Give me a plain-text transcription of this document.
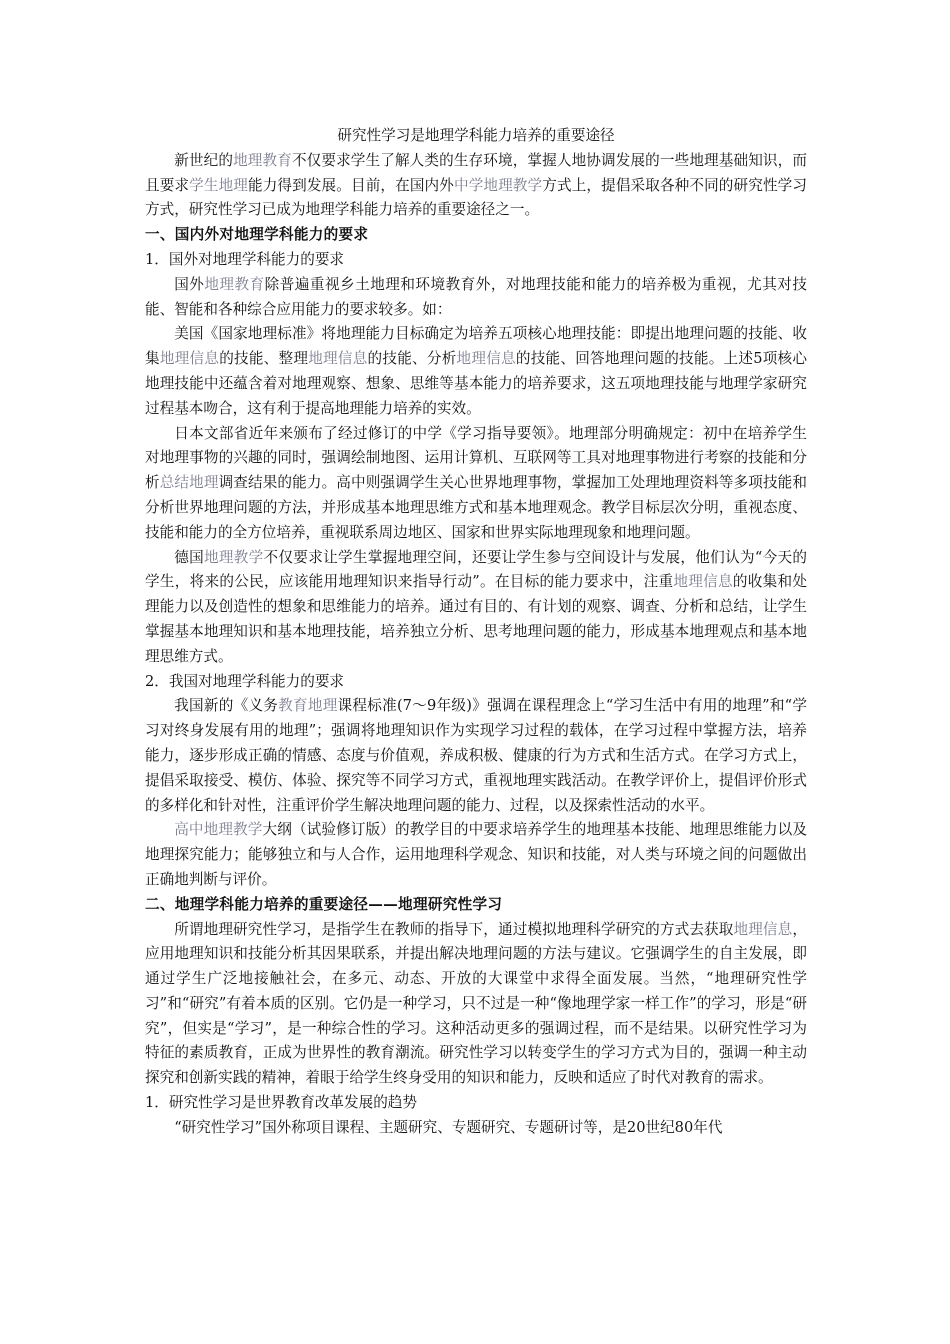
研究性学习是地理学科能力培养的重要途径

新世纪的地理教育不仅要求学生了解人类的生存环境，掌握人地协调发展的一些地理基础知识，而且要求学生地理能力得到发展。目前，在国内外中学地理教学方式上，提倡采取各种不同的研究性学习方式，研究性学习已成为地理学科能力培养的重要途径之一。

一、国内外对地理学科能力的要求

1．国外对地理学科能力的要求

国外地理教育除普遍重视乡土地理和环境教育外，对地理技能和能力的培养极为重视，尤其对技能、智能和各种综合应用能力的要求较多。如：

美国《国家地理标准》将地理能力目标确定为培养五项核心地理技能：即提出地理问题的技能、收集地理信息的技能、整理地理信息的技能、分析地理信息的技能、回答地理问题的技能。上述5项核心地理技能中还蕴含着对地理观察、想象、思维等基本能力的培养要求，这五项地理技能与地理学家研究过程基本吻合，这有利于提高地理能力培养的实效。

日本文部省近年来颁布了经过修订的中学《学习指导要领》。地理部分明确规定：初中在培养学生对地理事物的兴趣的同时，强调绘制地图、运用计算机、互联网等工具对地理事物进行考察的技能和分析总结地理调查结果的能力。高中则强调学生关心世界地理事物，掌握加工处理地理资料等多项技能和分析世界地理问题的方法，并形成基本地理思维方式和基本地理观念。教学目标层次分明，重视态度、技能和能力的全方位培养，重视联系周边地区、国家和世界实际地理现象和地理问题。

德国地理教学不仅要求让学生掌握地理空间，还要让学生参与空间设计与发展，他们认为“今天的学生，将来的公民，应该能用地理知识来指导行动”。在目标的能力要求中，注重地理信息的收集和处理能力以及创造性的想象和思维能力的培养。通过有目的、有计划的观察、调查、分析和总结，让学生掌握基本地理知识和基本地理技能，培养独立分析、思考地理问题的能力，形成基本地理观点和基本地理思维方式。

2．我国对地理学科能力的要求

我国新的《义务教育地理课程标准(7～9年级)》强调在课程理念上“学习生活中有用的地理”和“学习对终身发展有用的地理”；强调将地理知识作为实现学习过程的载体，在学习过程中掌握方法，培养能力，逐步形成正确的情感、态度与价值观，养成积极、健康的行为方式和生活方式。在学习方式上，提倡采取接受、模仿、体验、探究等不同学习方式，重视地理实践活动。在教学评价上，提倡评价形式的多样化和针对性，注重评价学生解决地理问题的能力、过程，以及探索性活动的水平。

高中地理教学大纲（试验修订版）的教学目的中要求培养学生的地理基本技能、地理思维能力以及地理探究能力；能够独立和与人合作，运用地理科学观念、知识和技能，对人类与环境之间的问题做出正确地判断与评价。

二、地理学科能力培养的重要途径——地理研究性学习

所谓地理研究性学习，是指学生在教师的指导下，通过模拟地理科学研究的方式去获取地理信息，应用地理知识和技能分析其因果联系，并提出解决地理问题的方法与建议。它强调学生的自主发展，即通过学生广泛地接触社会，在多元、动态、开放的大课堂中求得全面发展。当然，“地理研究性学习”和“研究”有着本质的区别。它仍是一种学习，只不过是一种“像地理学家一样工作”的学习，形是“研究”，但实是“学习”，是一种综合性的学习。这种活动更多的强调过程，而不是结果。以研究性学习为特征的素质教育，正成为世界性的教育潮流。研究性学习以转变学生的学习方式为目的，强调一种主动探究和创新实践的精神，着眼于给学生终身受用的知识和能力，反映和适应了时代对教育的需求。

1．研究性学习是世界教育改革发展的趋势

“研究性学习”国外称项目课程、主题研究、专题研究、专题研讨等，是20世纪80年代
